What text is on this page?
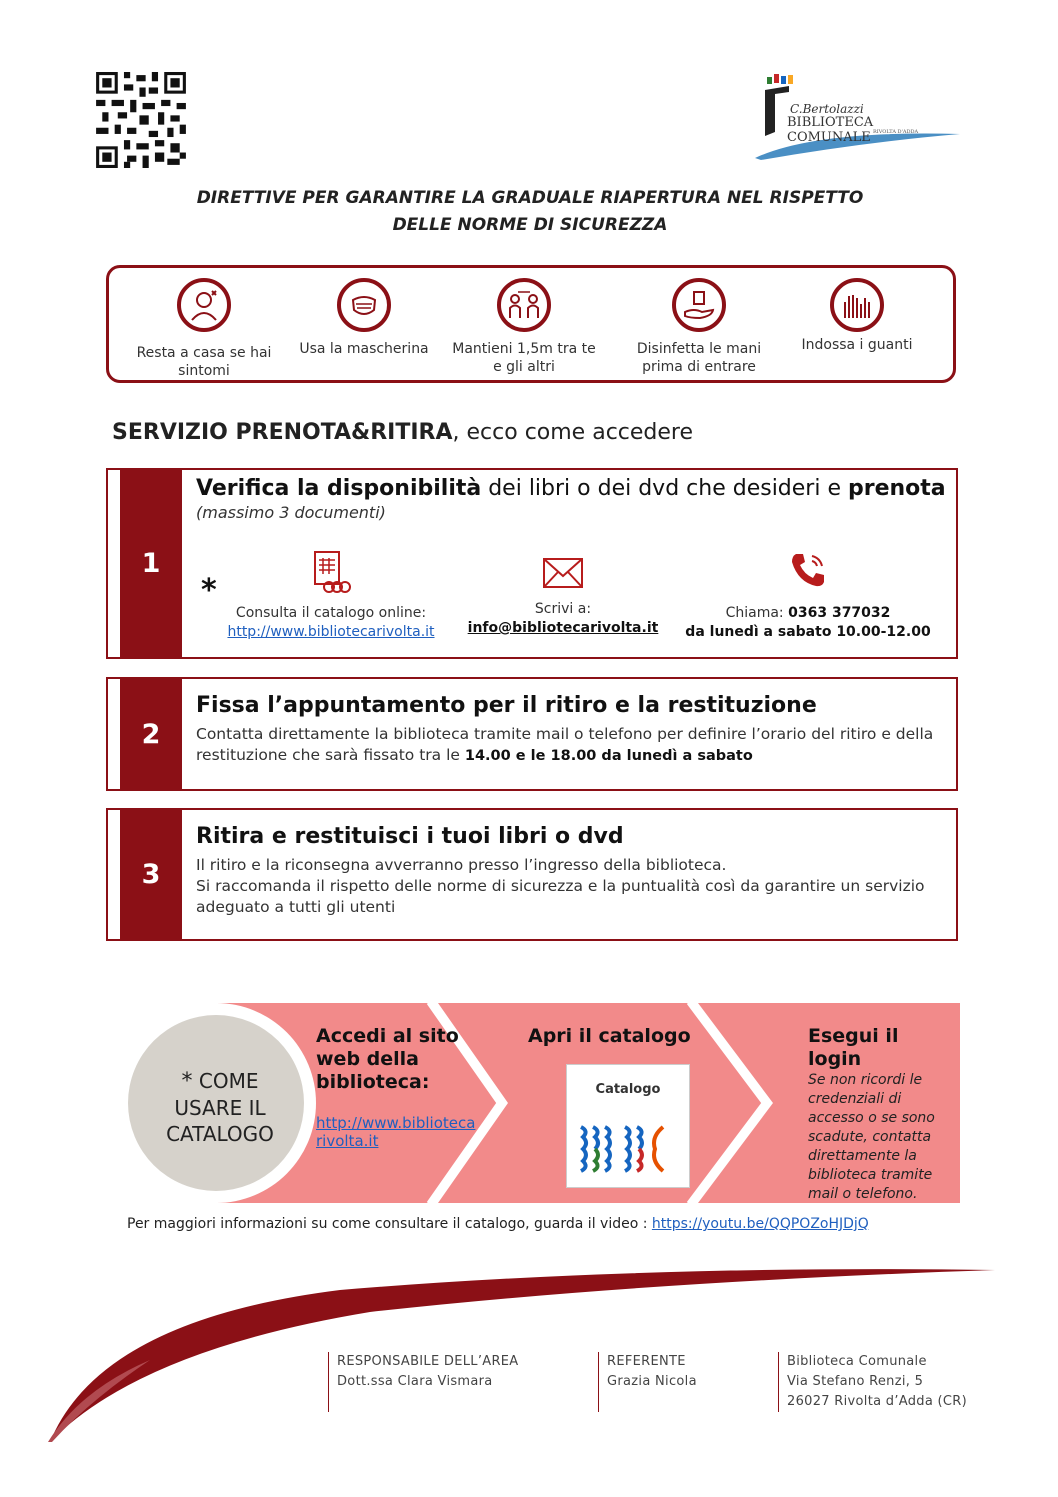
C.Bertolazzi
BIBLIOTECA COMUNALE RIVOLTA D'ADDA
DIRETTIVE PER GARANTIRE LA GRADUALE RIAPERTURA NEL RISPETTO DELLE NORME DI SICUREZZA
Resta a casa se hai sintomi
Usa la mascherina	Mantieni 1,5m tra te e gli altri
Disinfetta le mani prima di entrare
Indossa i guanti
SERVIZIO PRENOTA&RITIRA, ecco come accedere
1
Verifica la disponibilità dei libri o dei dvd che desideri e prenota
(massimo 3 documenti)
*
Consulta il catalogo online:
http://www.bibliotecarivolta.it
Scrivi a:
info@bibliotecarivolta.it
Chiama: 0363 377032
da lunedì a sabato 10.00-12.00
2
Fissa l’appuntamento per il ritiro e la restituzione
Contatta direttamente la biblioteca tramite mail o telefono per definire l’orario del ritiro e della restituzione che sarà fissato tra le 14.00 e le 18.00 da lunedì a sabato
3
Ritira e restituisci i tuoi libri o dvd
Il ritiro e la riconsegna avverranno presso l’ingresso della biblioteca.
Si raccomanda il rispetto delle norme di sicurezza e la puntualità così da garantire un servizio adeguato a tutti gli utenti
* COME
USARE IL
CATALOGO
Accedi al sito
web della
biblioteca:
http://www.biblioteca
rivolta.it
Apri il catalogo
Catalogo
Esegui il login
Se non ricordi le credenziali di accesso o se sono scadute, contatta direttamente la biblioteca tramite mail o telefono.
Per maggiori informazioni su come consultare il catalogo, guarda il video : https://youtu.be/QQPOZoHJDjQ
RESPONSABILE DELL’AREA
Dott.ssa Clara Vismara
REFERENTE
Grazia Nicola
Biblioteca Comunale
Via Stefano Renzi, 5
26027 Rivolta d’Adda (CR)
